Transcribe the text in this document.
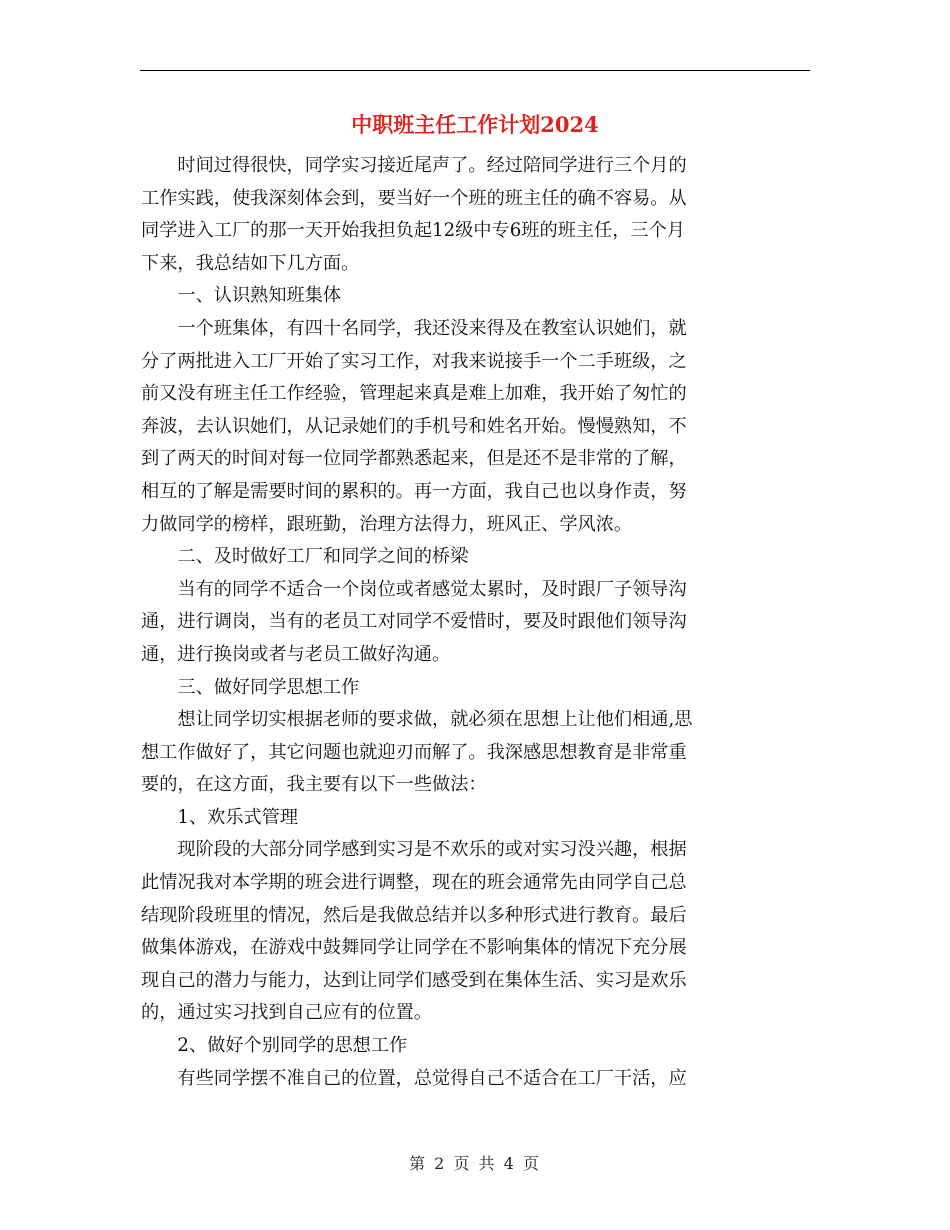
中职班主任工作计划2024

时间过得很快，同学实习接近尾声了。经过陪同学进行三个月的
工作实践，使我深刻体会到，要当好一个班的班主任的确不容易。从
同学进入工厂的那一天开始我担负起12级中专6班的班主任，三个月
下来，我总结如下几方面。

一、认识熟知班集体

一个班集体，有四十名同学，我还没来得及在教室认识她们，就
分了两批进入工厂开始了实习工作，对我来说接手一个二手班级，之
前又没有班主任工作经验，管理起来真是难上加难，我开始了匆忙的
奔波，去认识她们，从记录她们的手机号和姓名开始。慢慢熟知，不
到了两天的时间对每一位同学都熟悉起来，但是还不是非常的了解，
相互的了解是需要时间的累积的。再一方面，我自己也以身作责，努
力做同学的榜样，跟班勤，治理方法得力，班风正、学风浓。

二、及时做好工厂和同学之间的桥梁

当有的同学不适合一个岗位或者感觉太累时，及时跟厂子领导沟
通，进行调岗，当有的老员工对同学不爱惜时，要及时跟他们领导沟
通，进行换岗或者与老员工做好沟通。

三、做好同学思想工作

想让同学切实根据老师的要求做，就必须在思想上让他们相通,思
想工作做好了，其它问题也就迎刃而解了。我深感思想教育是非常重
要的，在这方面，我主要有以下一些做法：

1、欢乐式管理

现阶段的大部分同学感到实习是不欢乐的或对实习没兴趣，根据
此情况我对本学期的班会进行调整，现在的班会通常先由同学自己总
结现阶段班里的情况，然后是我做总结并以多种形式进行教育。最后
做集体游戏，在游戏中鼓舞同学让同学在不影响集体的情况下充分展
现自己的潜力与能力，达到让同学们感受到在集体生活、实习是欢乐
的，通过实习找到自己应有的位置。

2、做好个别同学的思想工作

有些同学摆不准自己的位置，总觉得自己不适合在工厂干活，应

第 2 页 共 4 页
